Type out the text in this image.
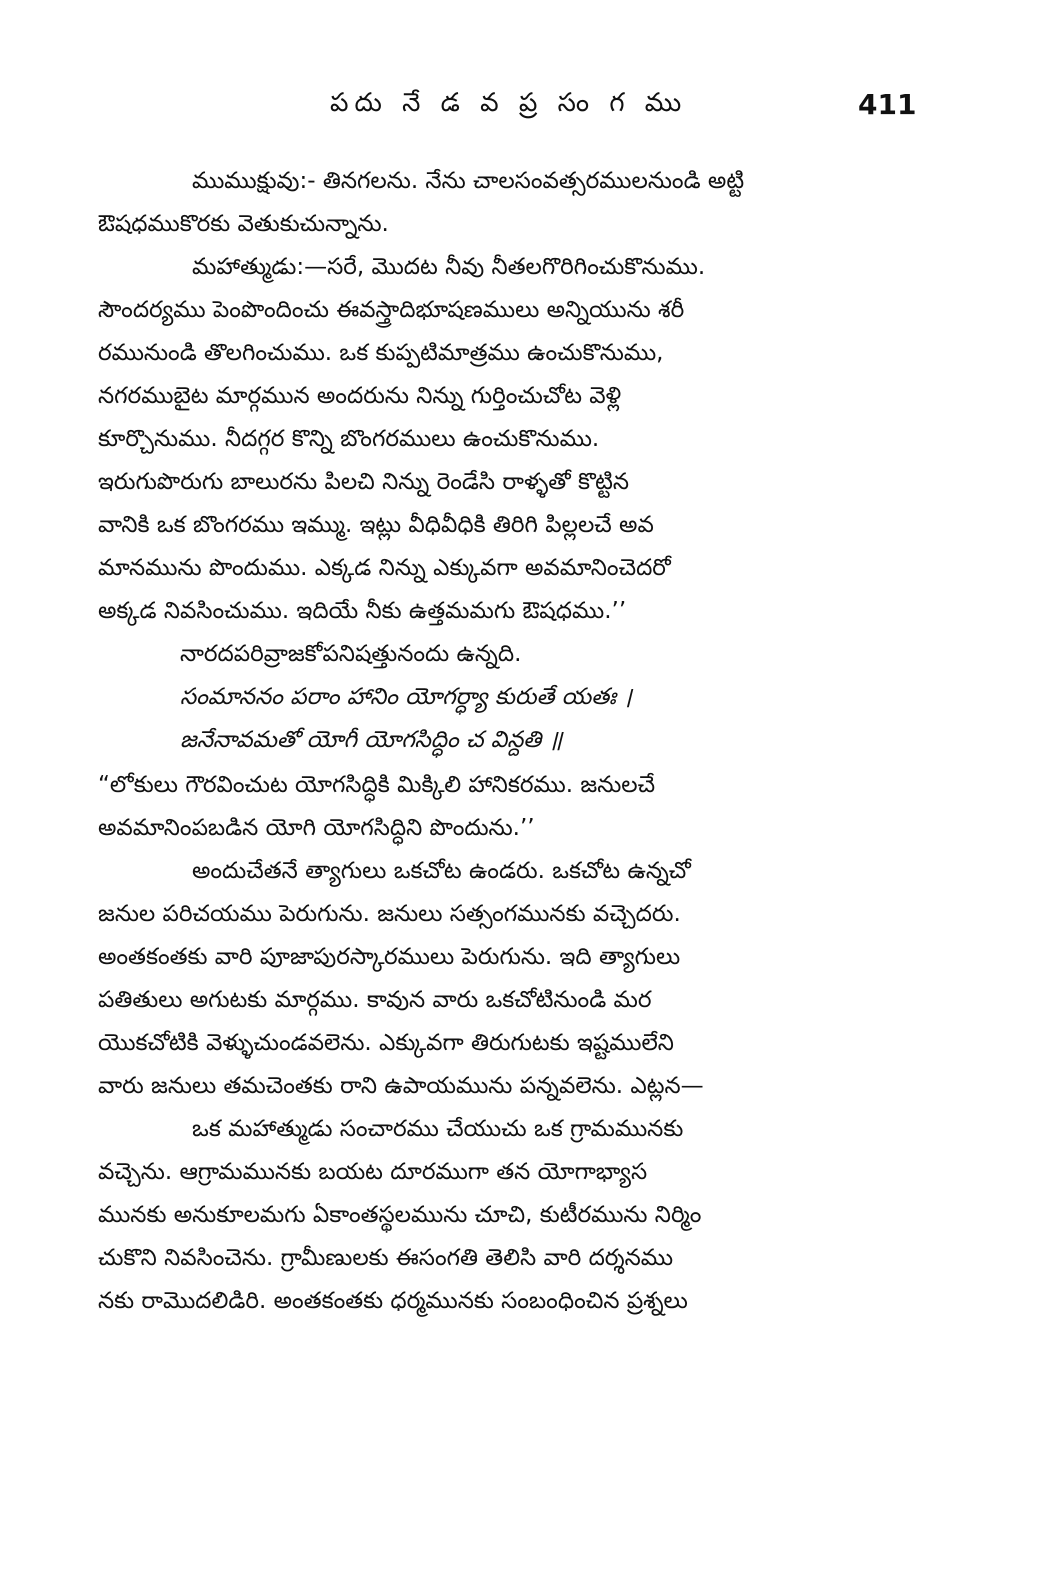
పదు నే డ వ ప్ర సం గ ము	411
ముముక్షువు:- తినగలను. నేను చాలసంవత్సరములనుండి అట్టి
ఔషధముకొరకు వెతుకుచున్నాను.
మహాత్ముడు:—సరే, మొదట నీవు నీతలగొరిగించుకొనుము.
సౌందర్యము పెంపొందించు ఈవస్త్రాదిభూషణములు అన్నియును శరీ
రమునుండి తొలగించుము. ఒక కుప్పటిమాత్రము ఉంచుకొనుము,
నగరముబైట మార్గమున అందరును నిన్ను గుర్తించుచోట వెళ్లి
కూర్చొనుము. నీదగ్గర కొన్ని బొంగరములు ఉంచుకొనుము.
ఇరుగుపొరుగు బాలురను పిలచి నిన్ను రెండేసి రాళ్ళతో కొట్టిన
వానికి ఒక బొంగరము ఇమ్ము. ఇట్లు వీధివీధికి తిరిగి పిల్లలచే అవ
మానమును పొందుము. ఎక్కడ నిన్ను ఎక్కువగా అవమానించెదరో
అక్కడ నివసించుము. ఇదియే నీకు ఉత్తమమగు ఔషధము.’’
నారదపరివ్రాజకోపనిషత్తునందు ఉన్నది.
సంమాననం పరాం హానిం యోగర్ధ్యా కురుతే యతః ।
జనేనావమతో యోగీ యోగసిద్ధిం చ విన్దతి ॥
“లోకులు గౌరవించుట యోగసిద్ధికి మిక్కిలి హానికరము. జనులచే
అవమానింపబడిన యోగి యోగసిద్ధిని పొందును.’’
అందుచేతనే త్యాగులు ఒకచోట ఉండరు. ఒకచోట ఉన్నచో
జనుల పరిచయము పెరుగును. జనులు సత్సంగమునకు వచ్చెదరు.
అంతకంతకు వారి పూజాపురస్కారములు పెరుగును. ఇది త్యాగులు
పతితులు అగుటకు మార్గము. కావున వారు ఒకచోటినుండి మర
యొకచోటికి వెళ్ళుచుండవలెను. ఎక్కువగా తిరుగుటకు ఇష్టములేని
వారు జనులు తమచెంతకు రాని ఉపాయమును పన్నవలెను. ఎట్లన—
ఒక మహాత్ముడు సంచారము చేయుచు ఒక గ్రామమునకు
వచ్చెను. ఆగ్రామమునకు బయట దూరముగా తన యోగాభ్యాస
మునకు అనుకూలమగు ఏకాంతస్థలమును చూచి, కుటీరమును నిర్మిం
చుకొని నివసించెను. గ్రామీణులకు ఈసంగతి తెలిసి వారి దర్శనము
నకు రామొదలిడిరి. అంతకంతకు ధర్మమునకు సంబంధించిన ప్రశ్నలు
